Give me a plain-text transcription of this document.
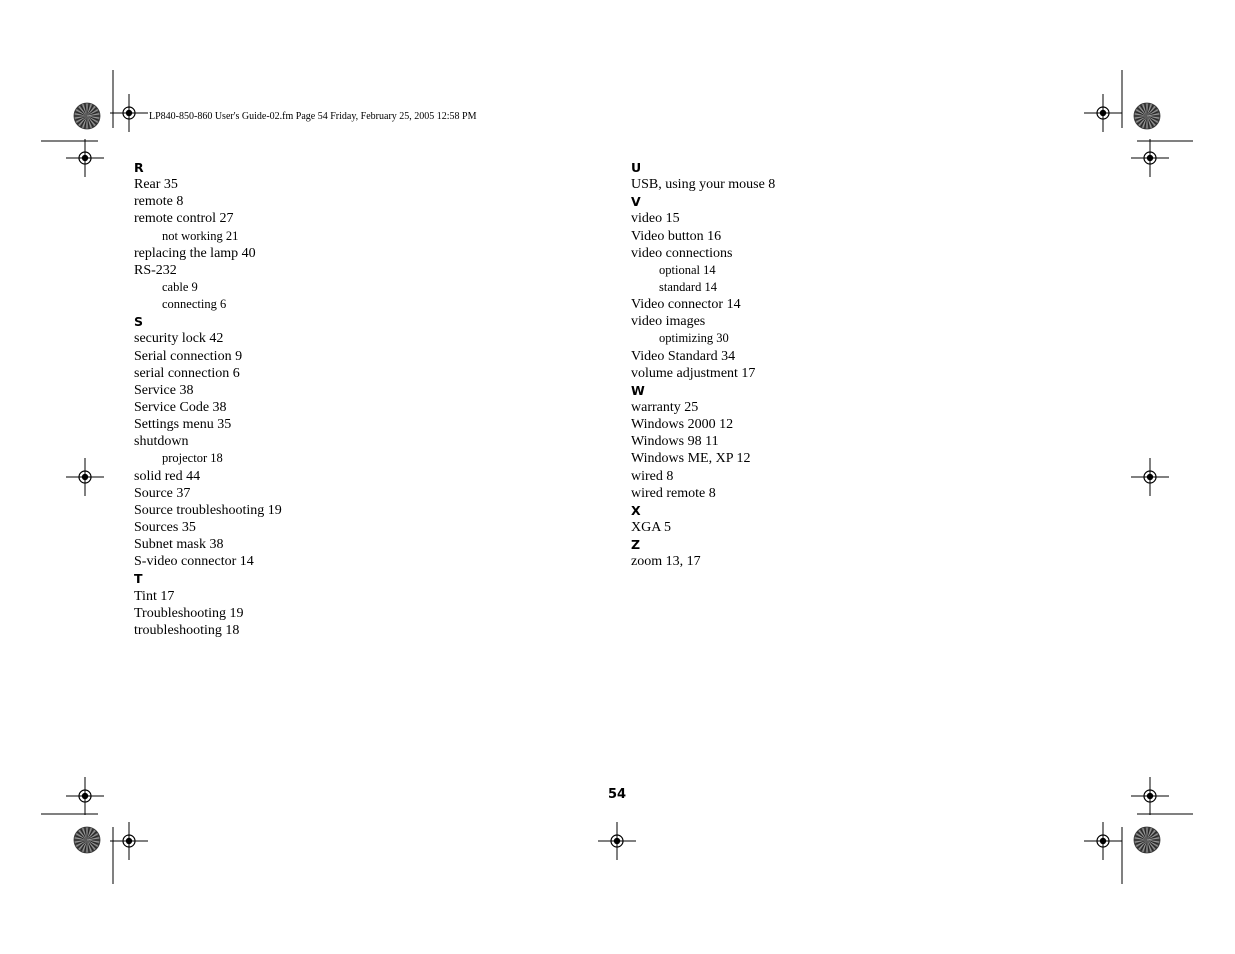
LP840-850-860 User's Guide-02.fm Page 54 Friday, February 25, 2005 12:58 PM
R
Rear 35
remote 8
remote control 27
not working 21
replacing the lamp 40
RS-232
cable 9
connecting 6
S
security lock 42
Serial connection 9
serial connection 6
Service 38
Service Code 38
Settings menu 35
shutdown
projector 18
solid red 44
Source 37
Source troubleshooting 19
Sources 35
Subnet mask 38
S-video connector 14
T
Tint 17
Troubleshooting 19
troubleshooting 18
U
USB, using your mouse 8
V
video 15
Video button 16
video connections
optional 14
standard 14
Video connector 14
video images
optimizing 30
Video Standard 34
volume adjustment 17
W
warranty 25
Windows 2000 12
Windows 98 11
Windows ME, XP 12
wired 8
wired remote 8
X
XGA 5
Z
zoom 13, 17
54
